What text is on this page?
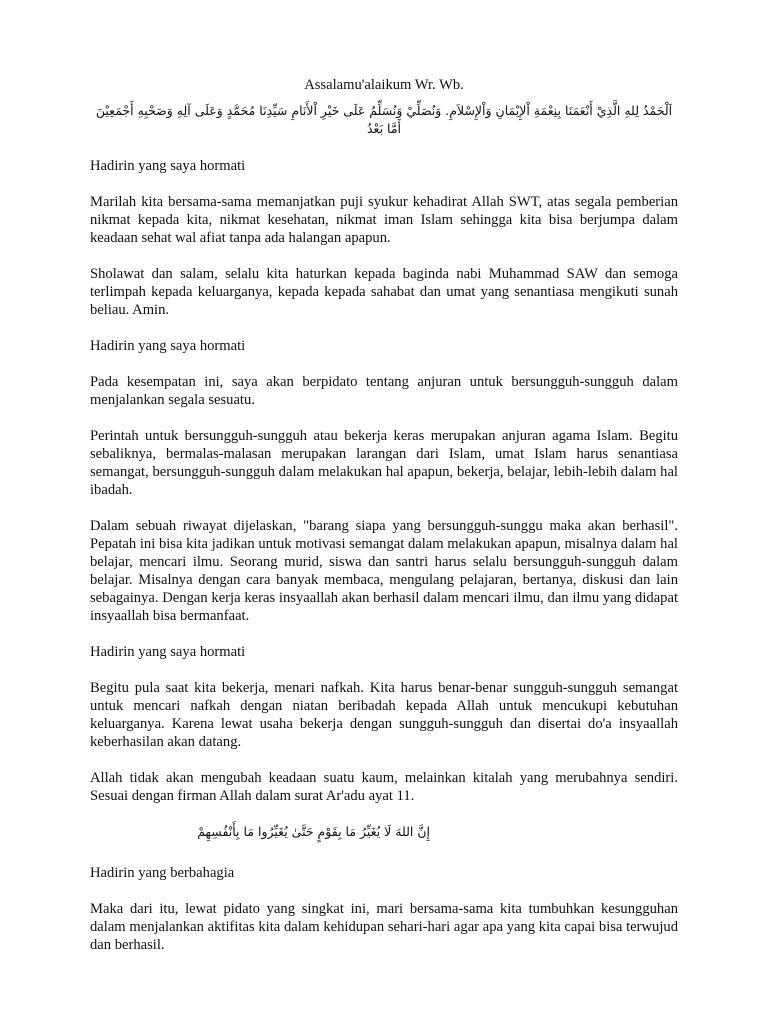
Assalamu'alaikum Wr. Wb.
اَلْحَمْدُ لِلهِ الَّذِيْ أَنْعَمَنَا بِنِعْمَةِ اْلإِيْمَانِ وَاْلإِسْلاَمِ. وَنُصَلِّيْ وَنُسَلِّمُ عَلَى خَيْرِ اْلأَنَامِ سَيِّدِنَا مُحَمَّدٍ وَعَلَى آلِهِ وَصَحْبِهِ أَجْمَعِيْنَ أَمَّا بَعْدُ

Hadirin yang saya hormati

Marilah kita bersama-sama memanjatkan puji syukur kehadirat Allah SWT, atas segala pemberian nikmat kepada kita, nikmat kesehatan, nikmat iman Islam sehingga kita bisa berjumpa dalam keadaan sehat wal afiat tanpa ada halangan apapun.

Sholawat dan salam, selalu kita haturkan kepada baginda nabi Muhammad SAW dan semoga terlimpah kepada keluarganya, kepada kepada sahabat dan umat yang senantiasa mengikuti sunah beliau. Amin.

Hadirin yang saya hormati

Pada kesempatan ini, saya akan berpidato tentang anjuran untuk bersungguh-sungguh dalam menjalankan segala sesuatu.

Perintah untuk bersungguh-sungguh atau bekerja keras merupakan anjuran agama Islam. Begitu sebaliknya, bermalas-malasan merupakan larangan dari Islam, umat Islam harus senantiasa semangat, bersungguh-sungguh dalam melakukan hal apapun, bekerja, belajar, lebih-lebih dalam hal ibadah.

Dalam sebuah riwayat dijelaskan, "barang siapa yang bersungguh-sunggu maka akan berhasil". Pepatah ini bisa kita jadikan untuk motivasi semangat dalam melakukan apapun, misalnya dalam hal belajar, mencari ilmu. Seorang murid, siswa dan santri harus selalu bersungguh-sungguh dalam belajar. Misalnya dengan cara banyak membaca, mengulang pelajaran, bertanya, diskusi dan lain sebagainya. Dengan kerja keras insyaallah akan berhasil dalam mencari ilmu, dan ilmu yang didapat insyaallah bisa bermanfaat.

Hadirin yang saya hormati

Begitu pula saat kita bekerja, menari nafkah. Kita harus benar-benar sungguh-sungguh semangat untuk mencari nafkah dengan niatan beribadah kepada Allah untuk mencukupi kebutuhan keluarganya. Karena lewat usaha bekerja dengan sungguh-sungguh dan disertai do'a insyaallah keberhasilan akan datang.

Allah tidak akan mengubah keadaan suatu kaum, melainkan kitalah yang merubahnya sendiri. Sesuai dengan firman Allah dalam surat Ar'adu ayat 11.

إِنَّ اللهَ لَا يُغَيِّرُ مَا بِقَوْمٍ حَتَّىٰ يُغَيِّرُوا مَا بِأَنْفُسِهِمْ

Hadirin yang berbahagia

Maka dari itu, lewat pidato yang singkat ini, mari bersama-sama kita tumbuhkan kesungguhan dalam menjalankan aktifitas kita dalam kehidupan sehari-hari agar apa yang kita capai bisa terwujud dan berhasil.
